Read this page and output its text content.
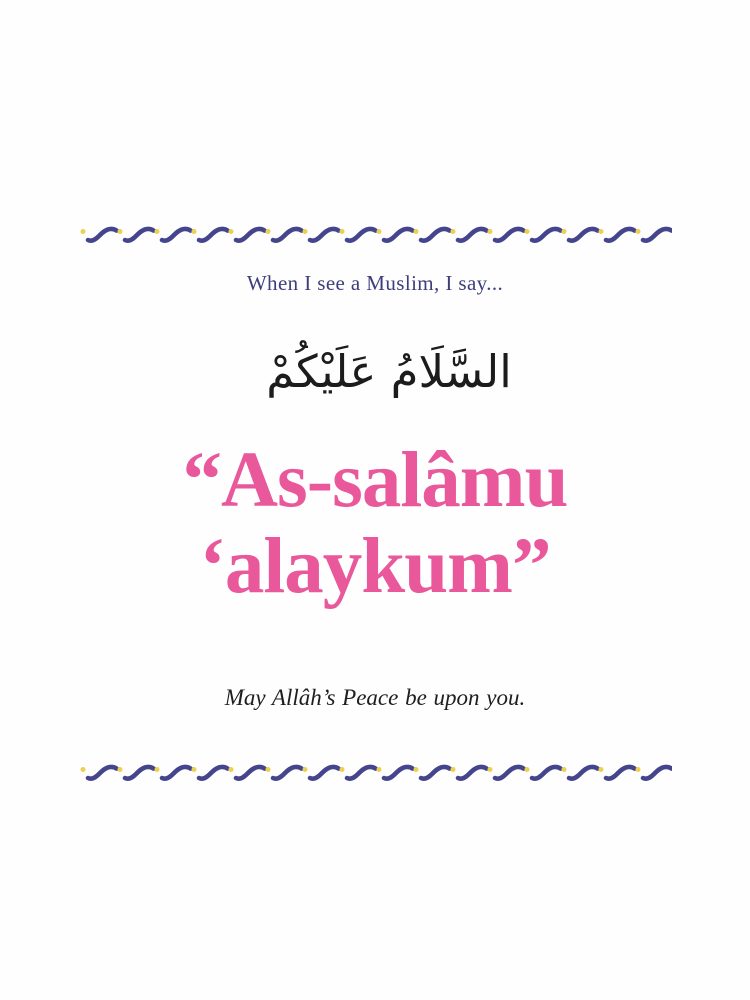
When I see a Muslim, I say...
السَّلَامُ عَلَيْكُمْ
“As-salâmu
‘alaykum”
May Allâh’s Peace be upon you.
